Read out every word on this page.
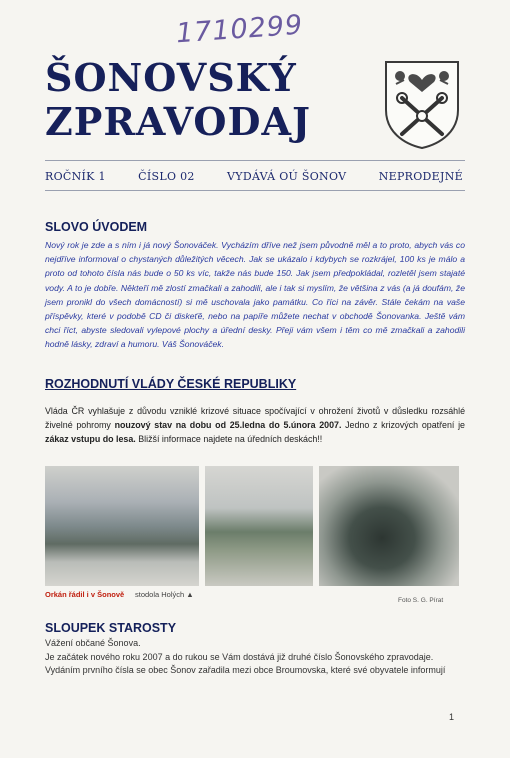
1710299
ŠONOVSKÝ
ZPRAVODAJ
ROČNÍK 1	ČÍSLO 02	VYDÁVÁ OÚ ŠONOV	NEPRODEJNÉ
SLOVO ÚVODEM
Nový rok je zde a s ním i já nový Šonováček. Vycházím dříve než jsem původně měl a to proto, abych vás co nejdříve informoval o chystaných důležitých věcech. Jak se ukázalo i kdybych se rozkrájel, 100 ks je málo a proto od tohoto čísla nás bude o 50 ks víc, takže nás bude 150. Jak jsem předpokládal, rozletěl jsem stajaté vody. A to je dobře. Někteří mě zlostí zmačkali a zahodili, ale i tak si myslím, že většina z vás (a já doufám, že jsem pronikl do všech domácností) si mě uschovala jako památku. Co říci na závěr. Stále čekám na vaše příspěvky, které v podobě CD či diskeťě, nebo na papíře můžete nechat v obchodě Šonovanka. Ještě vám chci říct, abyste sledovali vylepové plochy a úřední desky. Přeji vám všem i těm co mě zmačkali a zahodili hodně lásky, zdraví a humoru. Váš Šonováček.
ROZHODNUTÍ VLÁDY ČESKÉ REPUBLIKY
Vláda ČR vyhlašuje z důvodu vzniklé krizové situace spočívající v ohrožení životů v důsledku rozsáhlé živelné pohromy nouzový stav na dobu od 25.ledna do 5.února 2007. Jedno z krizových opatření je zákaz vstupu do lesa. Bližší informace najdete na úředních deskách!!
Orkán řádil i v Šonově stodola Holých ▲
Foto S. G. Pírat
SLOUPEK STAROSTY
Vážení občané Šonova.
Je začátek nového roku 2007 a do rukou se Vám dostává již druhé číslo Šonovského zpravodaje.
Vydáním prvního čísla se obec Šonov zařadila mezi obce Broumovska, které své obyvatele informují
1
